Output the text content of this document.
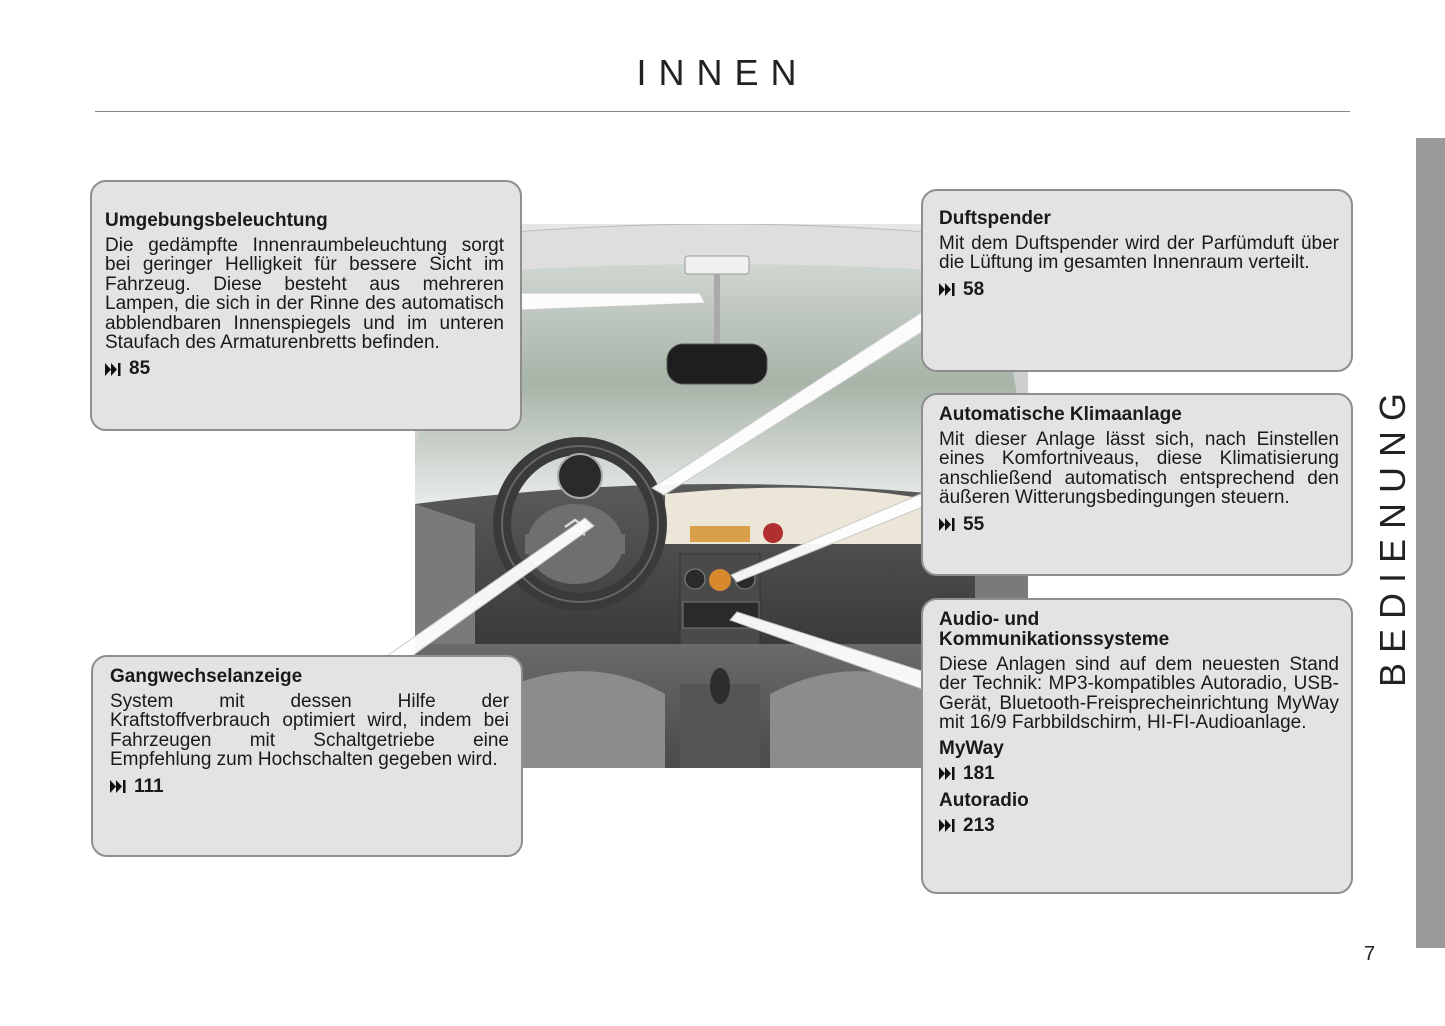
INNEN
BEDIENUNG

Umgebungsbeleuchtung

Die gedämpfte Innenraumbeleuchtung sorgt bei geringer Helligkeit für bessere Sicht im Fahrzeug. Diese besteht aus mehreren Lampen, die sich in der Rinne des automatisch abblendbaren Innenspiegels und im unteren Staufach des Armaturenbretts befinden.

85

Duftspender

Mit dem Duftspender wird der Parfümduft über die Lüftung im gesamten Innenraum verteilt.

58

Automatische Klimaanlage

Mit dieser Anlage lässt sich, nach Einstellen eines Komfortniveaus, diese Klimatisierung anschließend automatisch entsprechend den äußeren Witterungsbedingungen steuern.

55

Audio- und Kommunikationssysteme

Diese Anlagen sind auf dem neuesten Stand der Technik: MP3-kompatibles Autoradio, USB-Gerät, Bluetooth-Freisprecheinrichtung MyWay mit 16/9 Farbbildschirm, HI-FI-Audioanlage.

MyWay
181
Autoradio
213

Gangwechselanzeige

System mit dessen Hilfe der Kraftstoffverbrauch optimiert wird, indem bei Fahrzeugen mit Schaltgetriebe eine Empfehlung zum Hochschalten gegeben wird.

111
7
